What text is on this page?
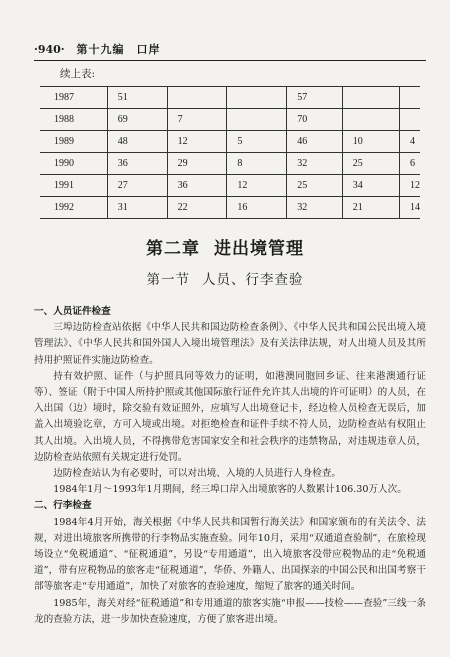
·940· 第十九编　口岸
续上表:
1987	51			57		
1988	69	7		70		
1989	48	12	5	46	10	4
1990	36	29	8	32	25	6
1991	27	36	12	25	34	12
1992	31	22	16	32	21	14
第二章 进出境管理
第一节 人员、行李查验
一、人员证件检查

三埠边防检查站依据《中华人民共和国边防检查条例》、《中华人民共和国公民出境入境管理法》、《中华人民共和国外国人入境出境管理法》及有关法律法规，对人出境人员及其所持用护照证件实施边防检查。

持有效护照、证件（与护照具同等效力的证明，如港澳同胞回乡证、往来港澳通行证等）、签证（附于中国人所持护照或其他国际旅行证件允许其人出境的许可证明）的人员，在入出国（边）境时，除交验有效证照外，应填写人出境登记卡，经边检人员检查无误后，加盖入出境验讫章，方可入境或出境。对拒绝检查和证件手续不符人员，边防检查站有权阻止其人出境。入出境人员，不得携带危害国家安全和社会秩序的违禁物品，对违规违章人员，边防检查站依照有关规定进行处罚。

边防检查站认为有必要时，可以对出境、入境的人员进行人身检查。

1984年1月～1993年1月期间，经三埠口岸入出境旅客的人数累计106.30万人次。

二、行李检查

1984年4月开始，海关根据《中华人民共和国暂行海关法》和国家颁布的有关法令、法规，对进出境旅客所携带的行李物品实施查验。同年10月，采用“双通道查验制”，在旅检现场设立“免税通道”、“征税通道”，另设“专用通道”，出入境旅客没带应税物品的走“免税通道”，带有应税物品的旅客走“征税通道”，华侨、外籍人、出国探亲的中国公民和出国考察干部等旅客走“专用通道”，加快了对旅客的查验速度，缩短了旅客的通关时间。

1985年，海关对经“征税通道”和专用通道的旅客实施“申报——技检——查验”三线一条龙的查验方法，进一步加快查验速度，方便了旅客进出境。
